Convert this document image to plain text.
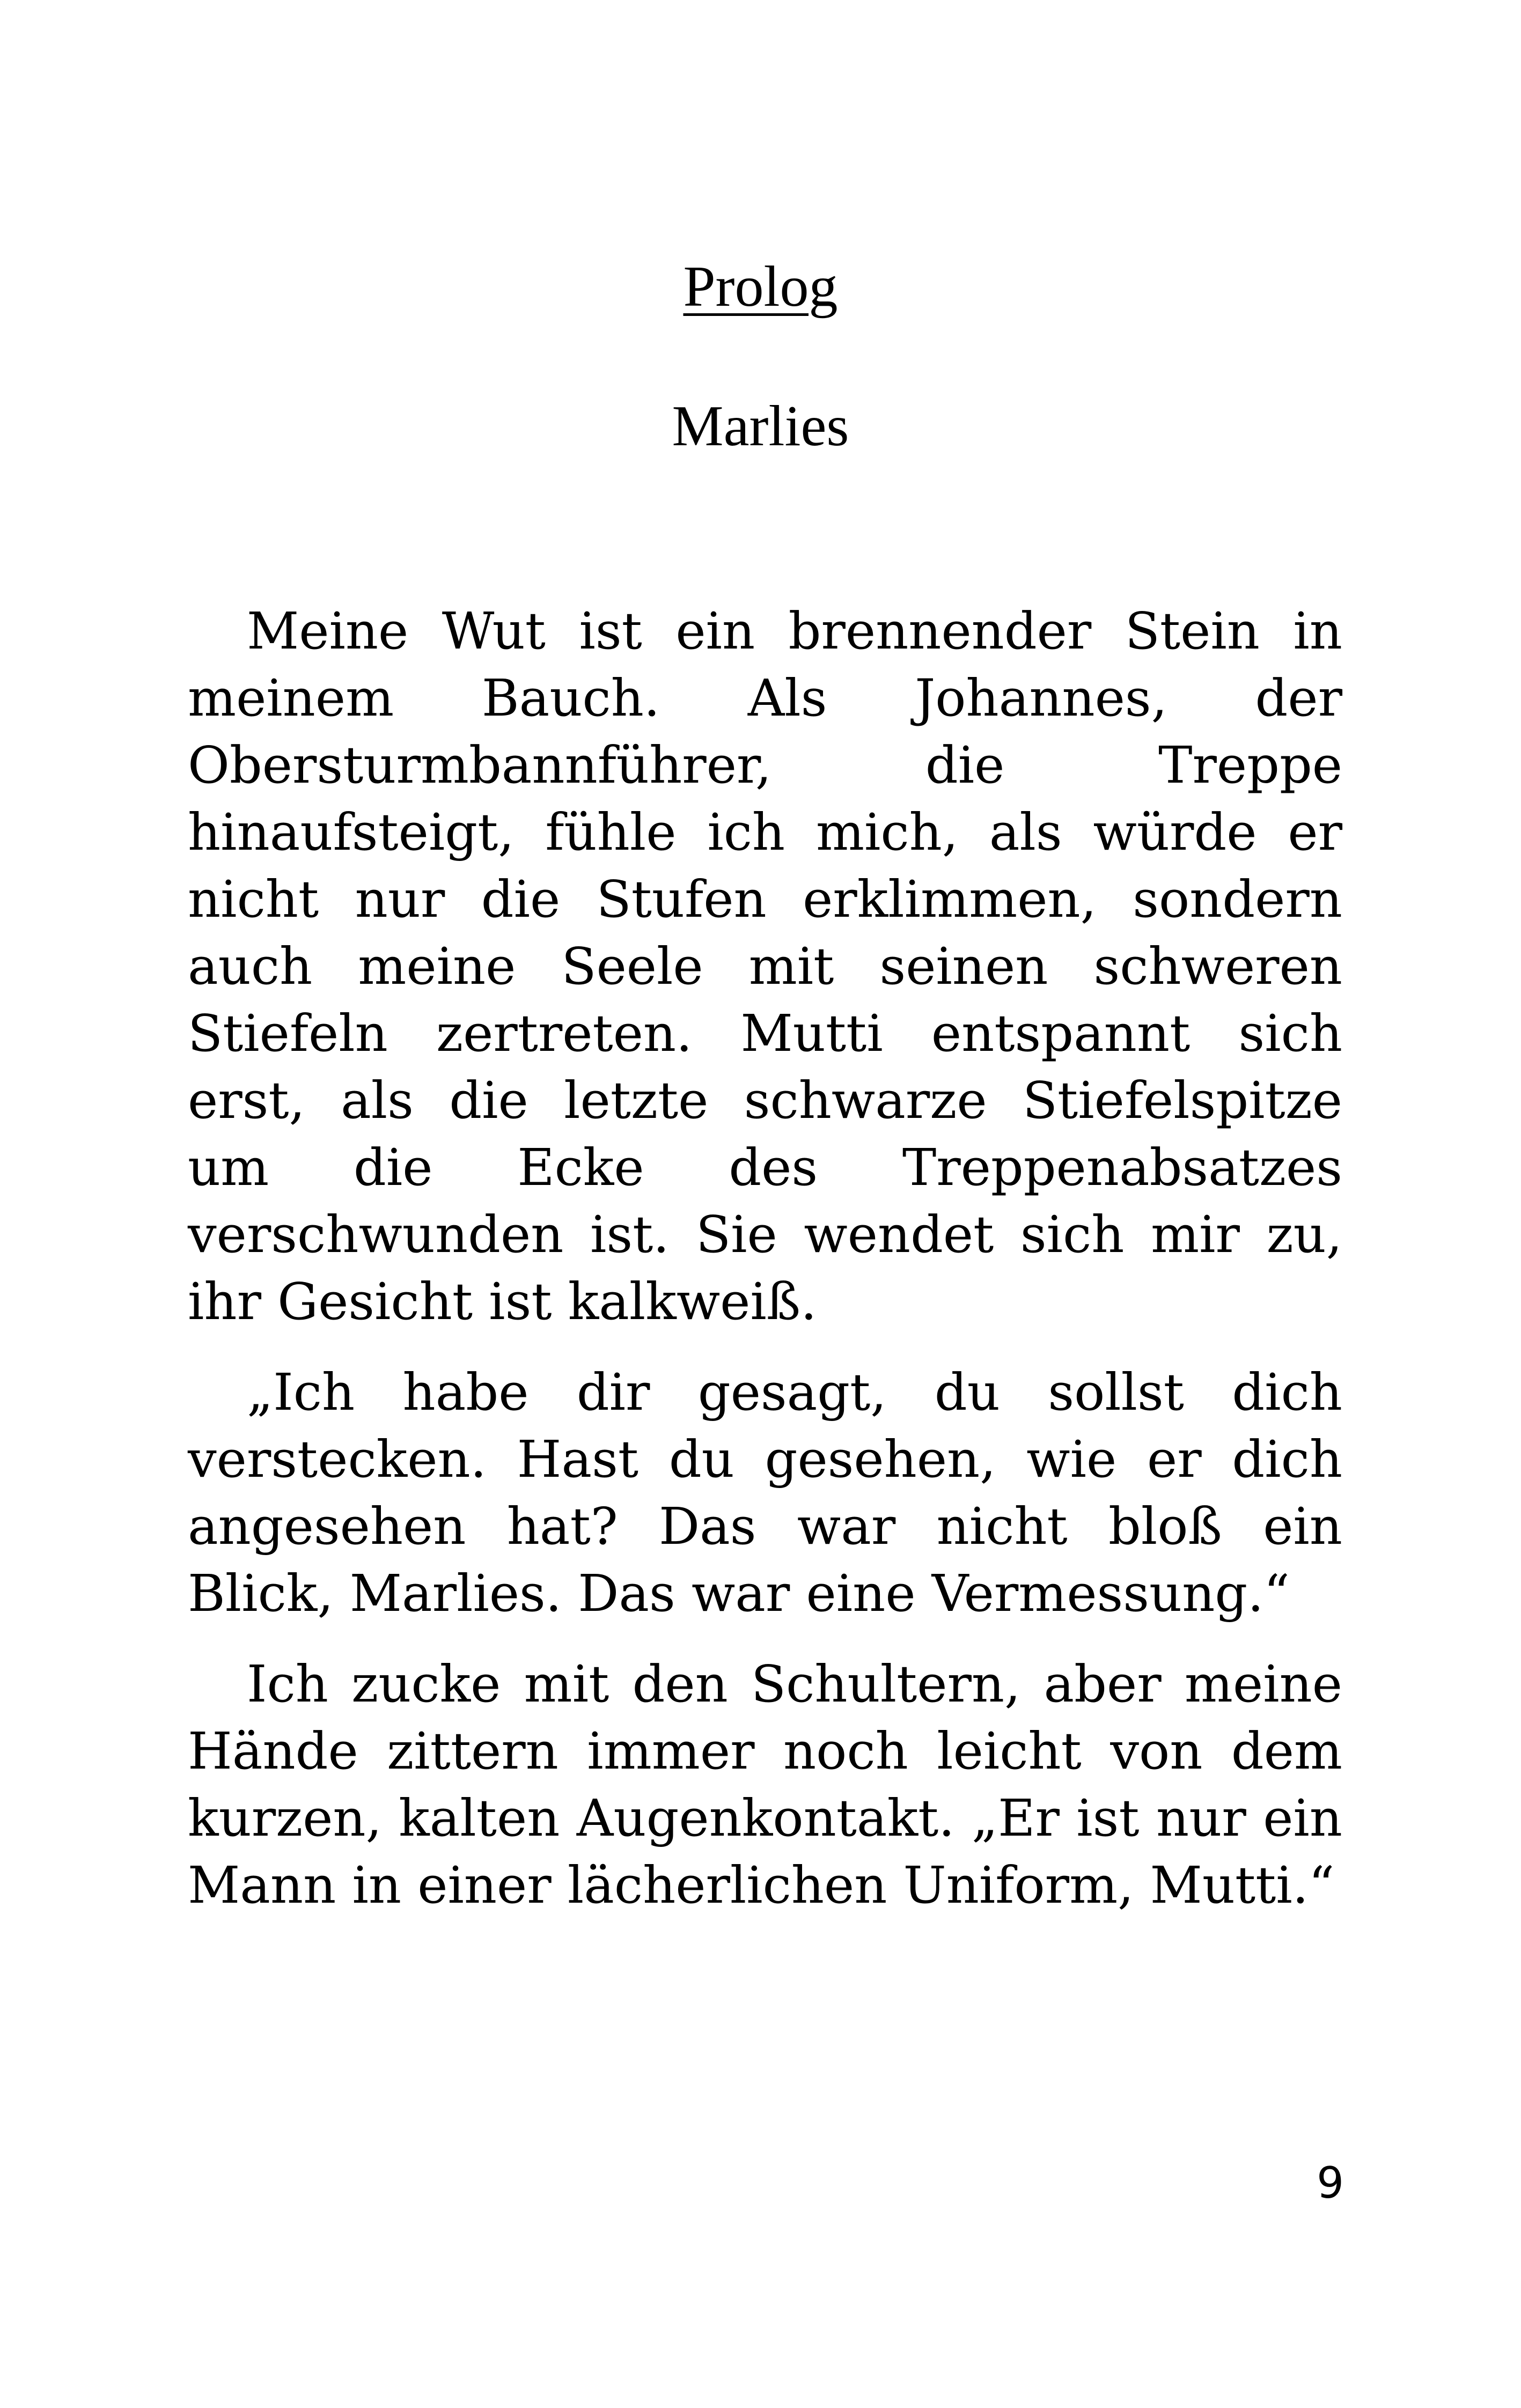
Prolog
Marlies

Meine Wut ist ein brennender Stein in meinem Bauch. Als Johannes, der Obersturmbannführer, die Treppe hinaufsteigt, fühle ich mich, als würde er nicht nur die Stufen erklimmen, sondern auch meine Seele mit seinen schweren Stiefeln zertreten. Mutti entspannt sich erst, als die letzte schwarze Stiefelspitze um die Ecke des Treppenabsatzes verschwunden ist. Sie wendet sich mir zu, ihr Gesicht ist kalkweiß.

„Ich habe dir gesagt, du sollst dich verstecken. Hast du gesehen, wie er dich angesehen hat? Das war nicht bloß ein Blick, Marlies. Das war eine Vermessung.“

Ich zucke mit den Schultern, aber meine Hände zittern immer noch leicht von dem kurzen, kalten Augenkontakt. „Er ist nur ein Mann in einer lächerlichen Uniform, Mutti.“

9
